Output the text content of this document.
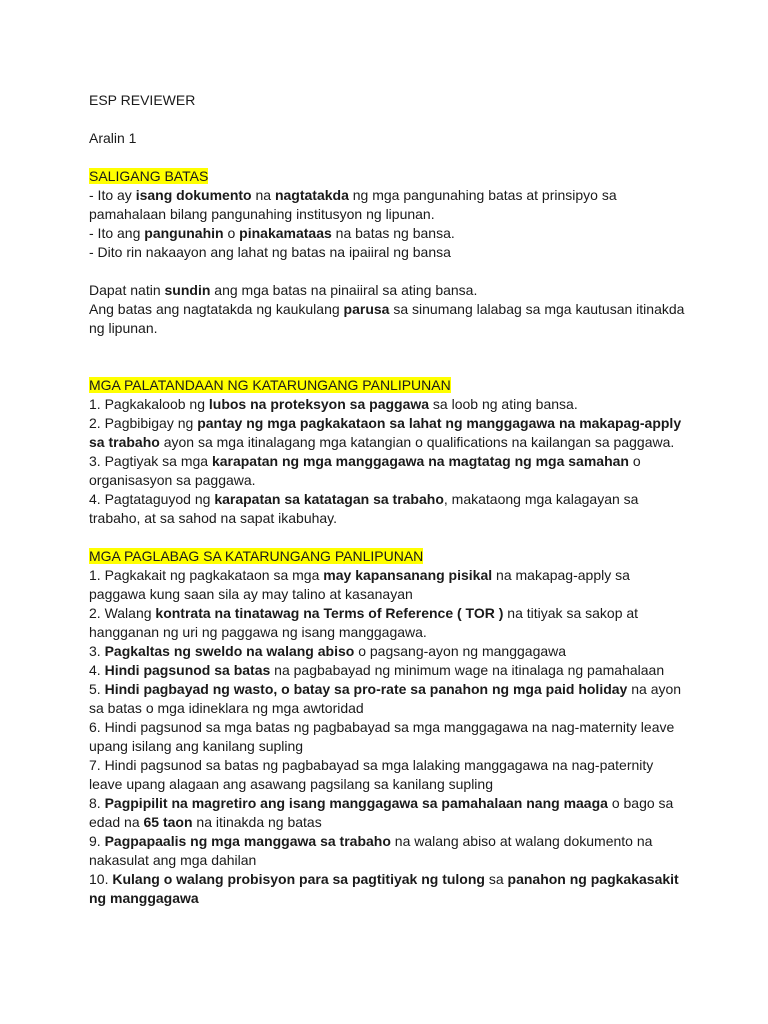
ESP REVIEWER

Aralin 1

SALIGANG BATAS

- Ito ay isang dokumento na nagtatakda ng mga pangunahing batas at prinsipyo sa pamahalaan bilang pangunahing institusyon ng lipunan.

- Ito ang pangunahin o pinakamataas na batas ng bansa.

- Dito rin nakaayon ang lahat ng batas na ipaiiral ng bansa

Dapat natin sundin ang mga batas na pinaiiral sa ating bansa.

Ang batas ang nagtatakda ng kaukulang parusa sa sinumang lalabag sa mga kautusan itinakda ng lipunan.

MGA PALATANDAAN NG KATARUNGANG PANLIPUNAN

1. Pagkakaloob ng lubos na proteksyon sa paggawa sa loob ng ating bansa.

2. Pagbibigay ng pantay ng mga pagkakataon sa lahat ng manggagawa na makapag-apply sa trabaho ayon sa mga itinalagang mga katangian o qualifications na kailangan sa paggawa.

3. Pagtiyak sa mga karapatan ng mga manggagawa na magtatag ng mga samahan o organisasyon sa paggawa.

4. Pagtataguyod ng karapatan sa katatagan sa trabaho, makataong mga kalagayan sa trabaho, at sa sahod na sapat ikabuhay.

MGA PAGLABAG SA KATARUNGANG PANLIPUNAN

1. Pagkakait ng pagkakataon sa mga may kapansanang pisikal na makapag-apply sa paggawa kung saan sila ay may talino at kasanayan

2. Walang kontrata na tinatawag na Terms of Reference ( TOR ) na titiyak sa sakop at hangganan ng uri ng paggawa ng isang manggagawa.

3. Pagkaltas ng sweldo na walang abiso o pagsang-ayon ng manggagawa

4. Hindi pagsunod sa batas na pagbabayad ng minimum wage na itinalaga ng pamahalaan

5. Hindi pagbayad ng wasto, o batay sa pro-rate sa panahon ng mga paid holiday na ayon sa batas o mga idineklara ng mga awtoridad

6. Hindi pagsunod sa mga batas ng pagbabayad sa mga manggagawa na nag-maternity leave upang isilang ang kanilang supling

7. Hindi pagsunod sa batas ng pagbabayad sa mga lalaking manggagawa na nag-paternity leave upang alagaan ang asawang pagsilang sa kanilang supling

8. Pagpipilit na magretiro ang isang manggagawa sa pamahalaan nang maaga o bago sa edad na 65 taon na itinakda ng batas

9. Pagpapaalis ng mga manggawa sa trabaho na walang abiso at walang dokumento na nakasulat ang mga dahilan

10. Kulang o walang probisyon para sa pagtitiyak ng tulong sa panahon ng pagkakasakit ng manggagawa
